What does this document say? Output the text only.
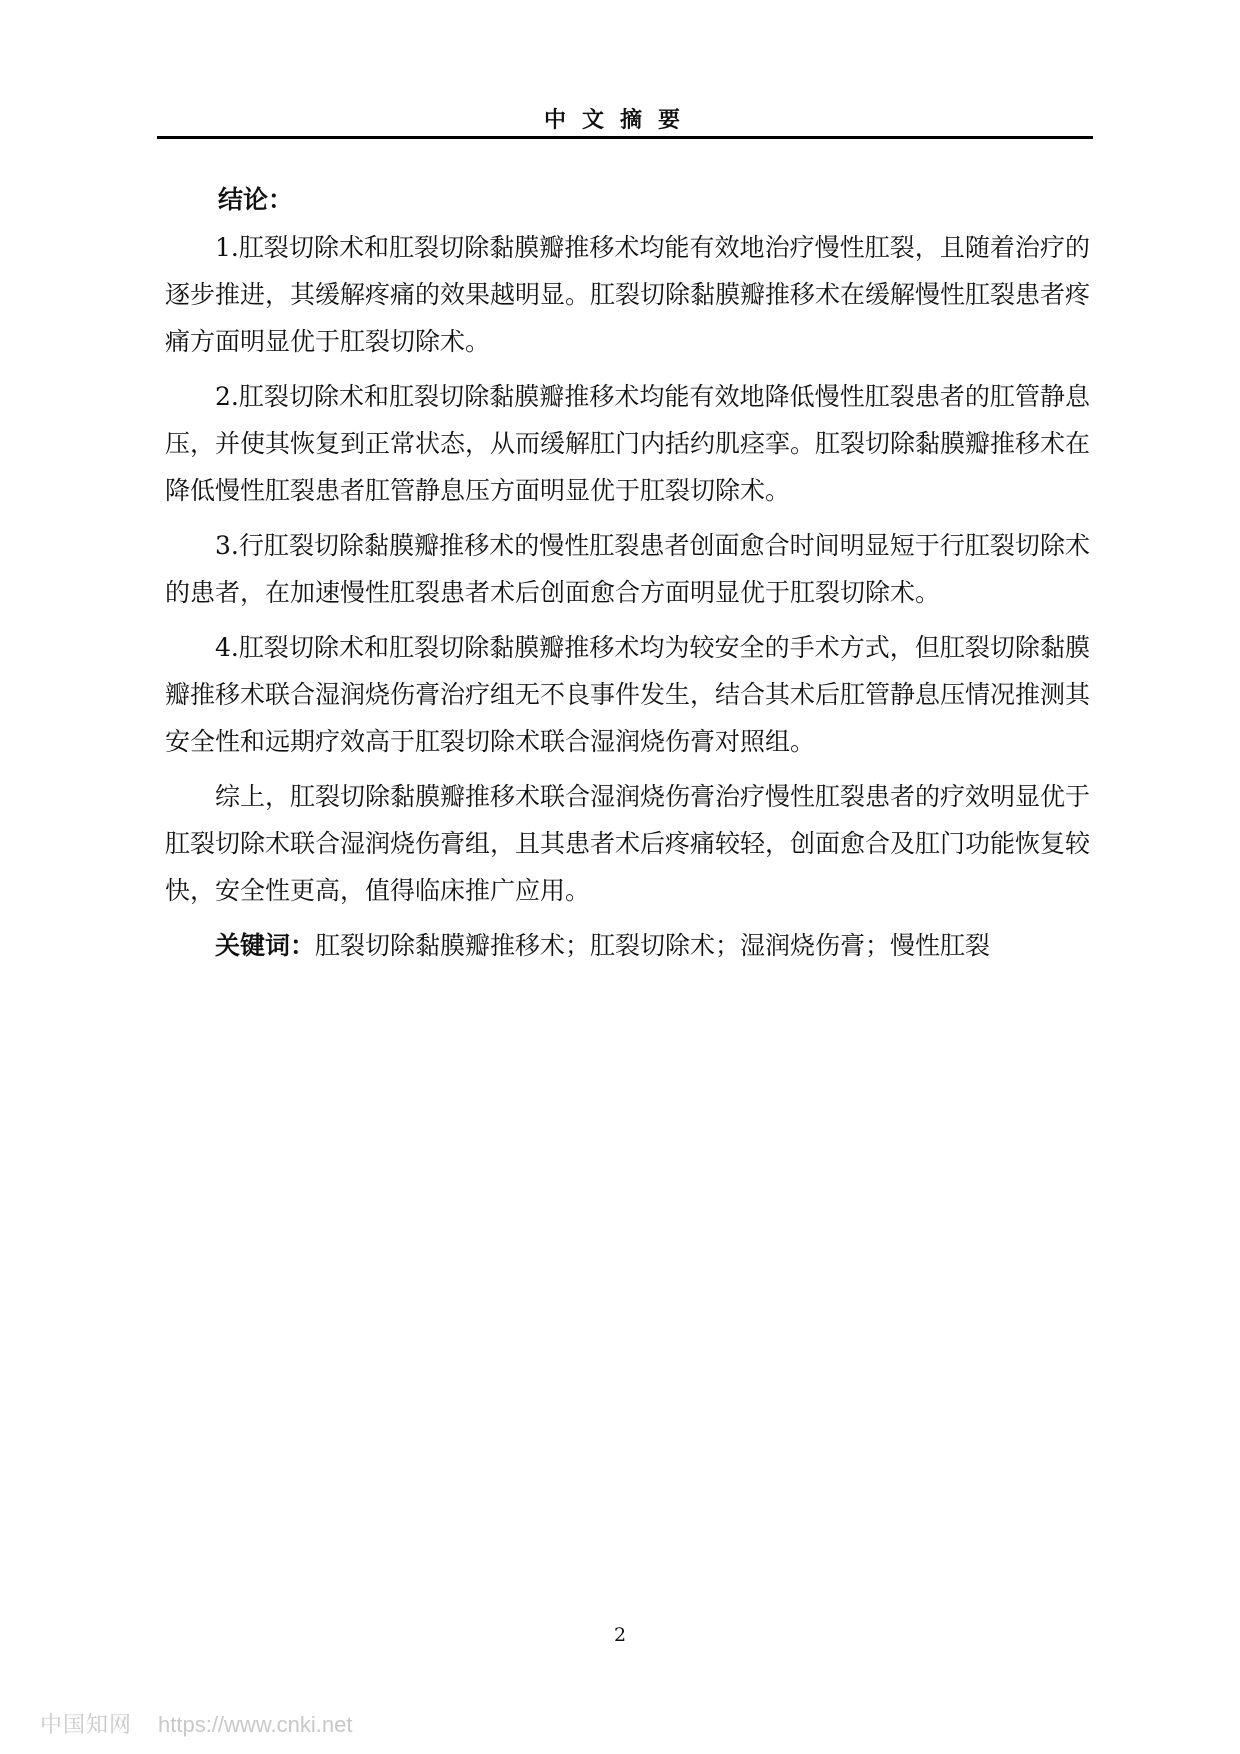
中文摘要
结论：

1.肛裂切除术和肛裂切除黏膜瓣推移术均能有效地治疗慢性肛裂，且随着治疗的逐步推进，其缓解疼痛的效果越明显。肛裂切除黏膜瓣推移术在缓解慢性肛裂患者疼痛方面明显优于肛裂切除术。

2.肛裂切除术和肛裂切除黏膜瓣推移术均能有效地降低慢性肛裂患者的肛管静息压，并使其恢复到正常状态，从而缓解肛门内括约肌痉挛。肛裂切除黏膜瓣推移术在降低慢性肛裂患者肛管静息压方面明显优于肛裂切除术。

3.行肛裂切除黏膜瓣推移术的慢性肛裂患者创面愈合时间明显短于行肛裂切除术的患者，在加速慢性肛裂患者术后创面愈合方面明显优于肛裂切除术。

4.肛裂切除术和肛裂切除黏膜瓣推移术均为较安全的手术方式，但肛裂切除黏膜瓣推移术联合湿润烧伤膏治疗组无不良事件发生，结合其术后肛管静息压情况推测其安全性和远期疗效高于肛裂切除术联合湿润烧伤膏对照组。

综上，肛裂切除黏膜瓣推移术联合湿润烧伤膏治疗慢性肛裂患者的疗效明显优于肛裂切除术联合湿润烧伤膏组，且其患者术后疼痛较轻，创面愈合及肛门功能恢复较快，安全性更高，值得临床推广应用。

关键词：肛裂切除黏膜瓣推移术；肛裂切除术；湿润烧伤膏；慢性肛裂

2
中国知网 https://www.cnki.net
